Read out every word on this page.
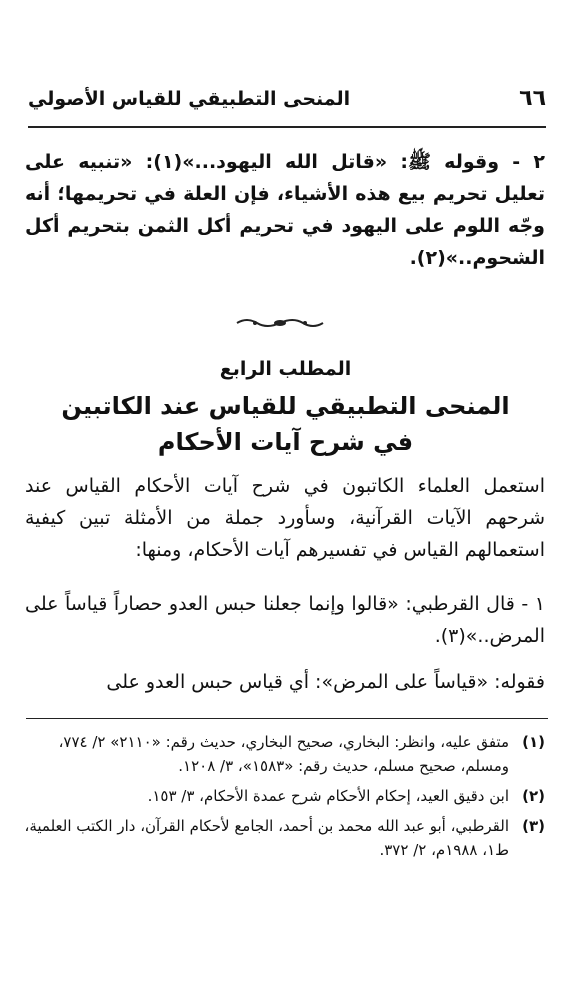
٦٦
المنحى التطبيقي للقياس الأصولي
٢ - وقوله ﷺ: «قاتل الله اليهود...»(١): «تنبيه على تعليل تحريم بيع هذه الأشياء، فإن العلة في تحريمها؛ أنه وجّه اللوم على اليهود في تحريم أكل الثمن بتحريم أكل الشحوم..»(٢).
المطلب الرابع
المنحى التطبيقي للقياس عند الكاتبين
في شرح آيات الأحكام
استعمل العلماء الكاتبون في شرح آيات الأحكام القياس عند شرحهم الآيات القرآنية، وسأورد جملة من الأمثلة تبين كيفية استعمالهم القياس في تفسيرهم آيات الأحكام، ومنها:
١ - قال القرطبي: «قالوا وإنما جعلنا حبس العدو حصاراً قياساً على المرض..»(٣).
فقوله: «قياساً على المرض»: أي قياس حبس العدو على
(١)
متفق عليه، وانظر: البخاري، صحيح البخاري، حديث رقم: «٢١١٠» ٢/ ٧٧٤، ومسلم، صحيح مسلم، حديث رقم: «١٥٨٣»، ٣/ ١٢٠٨.
(٢)
ابن دقيق العيد، إحكام الأحكام شرح عمدة الأحكام، ٣/ ١٥٣.
(٣)
القرطبي، أبو عبد الله محمد بن أحمد، الجامع لأحكام القرآن، دار الكتب العلمية، ط١، ١٩٨٨م، ٢/ ٣٧٢.
